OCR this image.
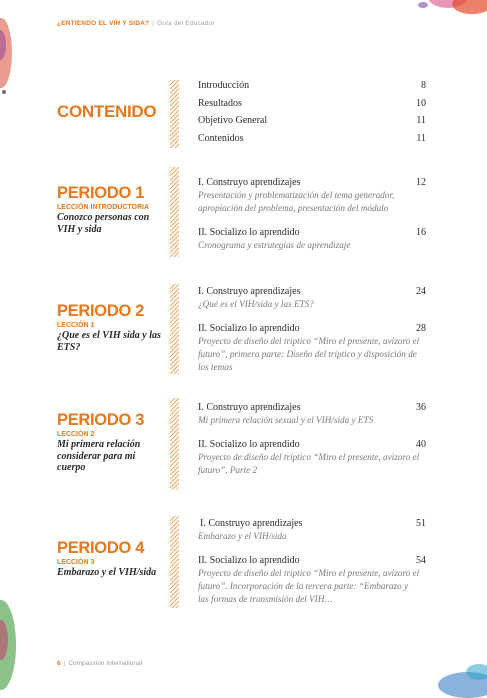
¿ENTIENDO EL VIH Y SIDA? | Guía del Educador
CONTENIDO
Introducción	8
Resultados	10
Objetivo General	11
Contenidos	11
PERIODO 1
LECCIÓN INTRODUCTORIA
Conozco personas con VIH y sida
I. Construyo aprendizajes	12
Presentación y problematización del tema generador, apropiación del problema, presentación del módulo
II. Socializo lo aprendido	16
Cronograma y estrategias de aprendizaje
PERIODO 2
LECCIÓN 1
¿Que es el VIH sida y las ETS?
I. Construyo aprendizajes	24
¿Qué es el VIH/sida y las ETS?
II. Socializo lo aprendido	28
Proyecto de diseño del tríptico “Miro el presente, avizoro el futuro”, primera parte: Diseño del tríptico y disposición de los temas
PERIODO 3
LECCIÓN 2
Mi primera relación considerar para mi cuerpo
I. Construyo aprendizajes	36
Mi primera relación sexual y el VIH/sida y ETS
II. Socializo lo aprendido	40
Proyecto de diseño del tríptico “Miro el presente, avizoro el futuro”, Parte 2
PERIODO 4
LECCIÓN 3
Embarazo y el VIH/sida
I. Construyo aprendizajes	51
Embarazo y el VIH/sida
II. Socializo lo aprendido	54
Proyecto de diseño del tríptico “Miro el presente, avizoro el futuro”. Incorporación de la tercera parte: “Embarazo y las formas de transmisión del VIH…
6 | Compassion International
